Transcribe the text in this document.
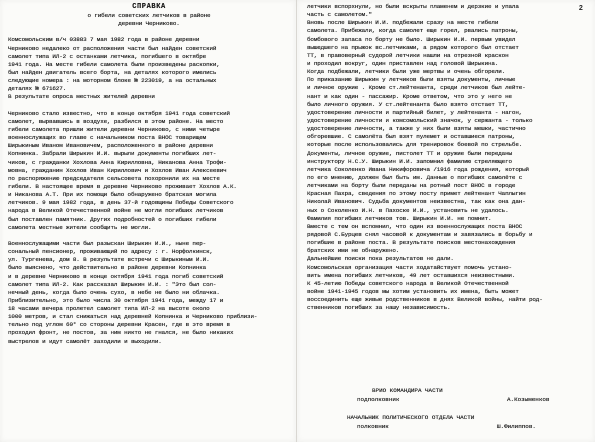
СПРАВКА
о гибели советских летчиков в районе
деревни Черниково.
Комсомольским в/ч 03883 7 мая 1982 года в районе деревни
Черниково недалеко от расположения части был найден советский
самолет типа ИЛ-2 с останками летчика, погибшего в октябре
1941 года. На месте гибели самолета были произведены раскопки,
был найден двигатель всего борта, на деталях которого имелись
следующие номера : на моторном блоке № 223019, а на остальных
деталях № 671627.
В результате опроса местных жителей деревни
Черниково стало известно, что в конце октября 1941 года советский
самолет, вырвавшись в воздухе, разбился в этом районе. На место
гибели самолета пришли жители деревни Черниково, с ними четыре
военнослужащих во главе с начальником поста ВНОС товарищем
Ширыкиным Иваном Ивановичем, расположенного в районе деревни
Копнинка. Забрали Ширыкин И.И. вырыли документы погибших лет-
чиков, с гражданки Хохлова Анна Кирилловна, Никанова Анна Трофи-
мовна, гражданин Хохлов Иван Кириллович и Хохлов Иван Алексеевич
по распоряжению председателя сельсовета похоронили их на месте
гибели. В настоящее время в деревне Черниково проживает Хохлов А.К.
и Никанова А.Т. При их помощи было обнаружено братская могила
летчиков. 9 мая 1982 года, в день 37-й годовщины Победы Советского
народа в Великой Отечественной войне не могли погибших летчиков
был поставлен памятник. Других подробностей о погибших гибели
самолета местные жители сообщить не могли.
Военнослужащими части был разыскан Ширыкин И.И., ныне пер-
сональный пенсионер, проживающий по адресу : г. Норфолкинск,
ул. Тургенева, дом 8. В результате встречи с Ширыкиным И.И.
было выяснено, что действительно в районе деревни Копнинка
и в деревне Черниково в конце октября 1941 года погиб советский
самолет типа ИЛ-2. Как рассказал Ширыкин И.И. : "Это был сол-
нечный день, когда было очень сухо, в небе не было ни облачка.
Приблизительно, это было числа 30 октября 1941 года, между 17 и
18 часами вечера пролетел самолет типа ИЛ-2 на высоте около
1000 метров, и стал снижаться над деревней Копнинка и Черниково приблизи-
тельно под углом 60° со стороны деревни Красен, где в это время в
проходил фронт, не постов, за ним никто не гнался, не было никаких
выстрелов и идут самолёт заходили и выходили.
2
летчики вспорхнули, но были вскрыты пламенем и дерзкие и упала
часть с самолетом."
Вновь после Ширыкин И.И. подбежали сразу на месте гибели
самолета. Прибежали, когда самолет еще горел, рвались патроны,
бомбового запаса по борту не было. Ширыкин И.И. первым увидел
вышедшего на прыжок вс.летчиками, а рядом которого был отстает
ТТ, в правоверный судорой летчики нашли на отрезной краскон
и проходил вокруг, один приставлен над головой Ширыкина.
Когда подбежали, летчики были уже мертвы и очень обгорели.
По приказанию Ширыкин у летчиков были взяты документы, личные
и личное оружие . Кроме ст.лейтенанта, среди летчиков был лейте-
нант и как один - пассажир. Кроме ответом, что это у него не
было личного оружия. У ст.лейтенанта было взято отстает ТТ,
удостоверение личности и партийный билет, у лейтенанта - нагон,
удостоверение личности и комсомольский значок, у сержанта - только
удостоверение личности, а также у них были взяты мешки, частично
обгоревшие. С самолёта был взят пулемет и оставшиеся патроны,
которые после использовались для тренировок боевой по стрельбе.
Документы, личное оружие, пистолет ТТ и оружие были переданы
инструктору Н.С.У. Ширыкин И.И. запомнил фамилию стреляющего
летчика Соколенко Ивана Никифоровича /1916 года рождения, который
по его мнению, должен был быть им. Данные о погибших самолёте с
летчиками на борту были переданы на ротный пост ВНОС в городе
Красная Пахра, сведения по этому посту примет лейтенант Чаплыгин
Николай Иванович. Судьба документов неизвестна, так как она дан-
ных о Соколенко И.Н. в Пахоске И.И., установить не удалось.
Фамилия погибших летчиков тов. Ширыкин И.И. не помнит.
Вместе с тем он вспомнил, что один из военнослужащих поста ВНОС
рядовой С.Бурцев снял часовой к документам и завязались в борьбу и
погибшие в районе поста. В результате поисков местонахождения
братских ими не обнаружено.
Дальнейшие поиски пока результатов не дали.
Комсомольская организация части ходатайствует помочь устано-
вить имена погибших летчиков, 49 лет оставшихся неизвестными.
К 45-летию Победы советского народа в Великой Отечественной
войне 1941-1945 годов мы хотим установить их имена, быть может
воссоединить еще живые родственников в днях Великой войны, найти род-
ственников погибших за нашу независимость.
ВРИО КОМАНДИРА ЧАСТИ
подполковник	А.Козыменков
НАЧАЛЬНИК ПОЛИТИЧЕСКОГО ОТДЕЛА ЧАСТИ
полковник	Ш.Филиппов.
